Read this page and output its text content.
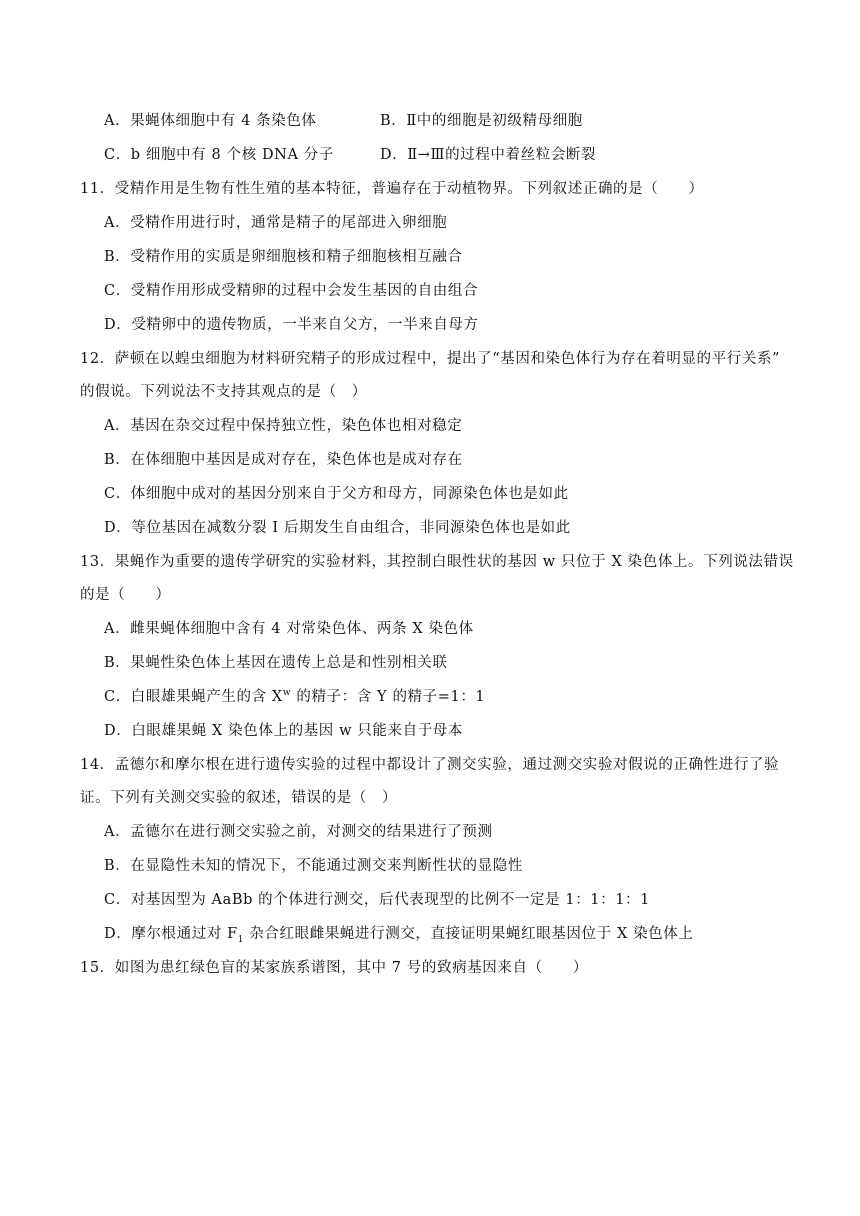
A．果蝇体细胞中有 4 条染色体	B．Ⅱ中的细胞是初级精母细胞
C．b 细胞中有 8 个核 DNA 分子	D．Ⅱ→Ⅲ的过程中着丝粒会断裂
11．受精作用是生物有性生殖的基本特征，普遍存在于动植物界。下列叙述正确的是（　　）
A．受精作用进行时，通常是精子的尾部进入卵细胞
B．受精作用的实质是卵细胞核和精子细胞核相互融合
C．受精作用形成受精卵的过程中会发生基因的自由组合
D．受精卵中的遗传物质，一半来自父方，一半来自母方
12．萨顿在以蝗虫细胞为材料研究精子的形成过程中，提出了“基因和染色体行为存在着明显的平行关系”
的假说。下列说法不支持其观点的是（　）
A．基因在杂交过程中保持独立性，染色体也相对稳定
B．在体细胞中基因是成对存在，染色体也是成对存在
C．体细胞中成对的基因分别来自于父方和母方，同源染色体也是如此
D．等位基因在减数分裂 I 后期发生自由组合，非同源染色体也是如此
13．果蝇作为重要的遗传学研究的实验材料，其控制白眼性状的基因 w 只位于 X 染色体上。下列说法错误
的是（　　）
A．雌果蝇体细胞中含有 4 对常染色体、两条 X 染色体
B．果蝇性染色体上基因在遗传上总是和性别相关联
C．白眼雄果蝇产生的含 $X^w$ 的精子：含 Y 的精子=1：1
D．白眼雄果蝇 X 染色体上的基因 w 只能来自于母本
14．孟德尔和摩尔根在进行遗传实验的过程中都设计了测交实验，通过测交实验对假说的正确性进行了验
证。下列有关测交实验的叙述，错误的是（　）
A．孟德尔在进行测交实验之前，对测交的结果进行了预测
B．在显隐性未知的情况下，不能通过测交来判断性状的显隐性
C．对基因型为 AaBb 的个体进行测交，后代表现型的比例不一定是 1：1：1：1
D．摩尔根通过对 $F_1$ 杂合红眼雌果蝇进行测交，直接证明果蝇红眼基因位于 X 染色体上
15．如图为患红绿色盲的某家族系谱图，其中 7 号的致病基因来自（　　）
